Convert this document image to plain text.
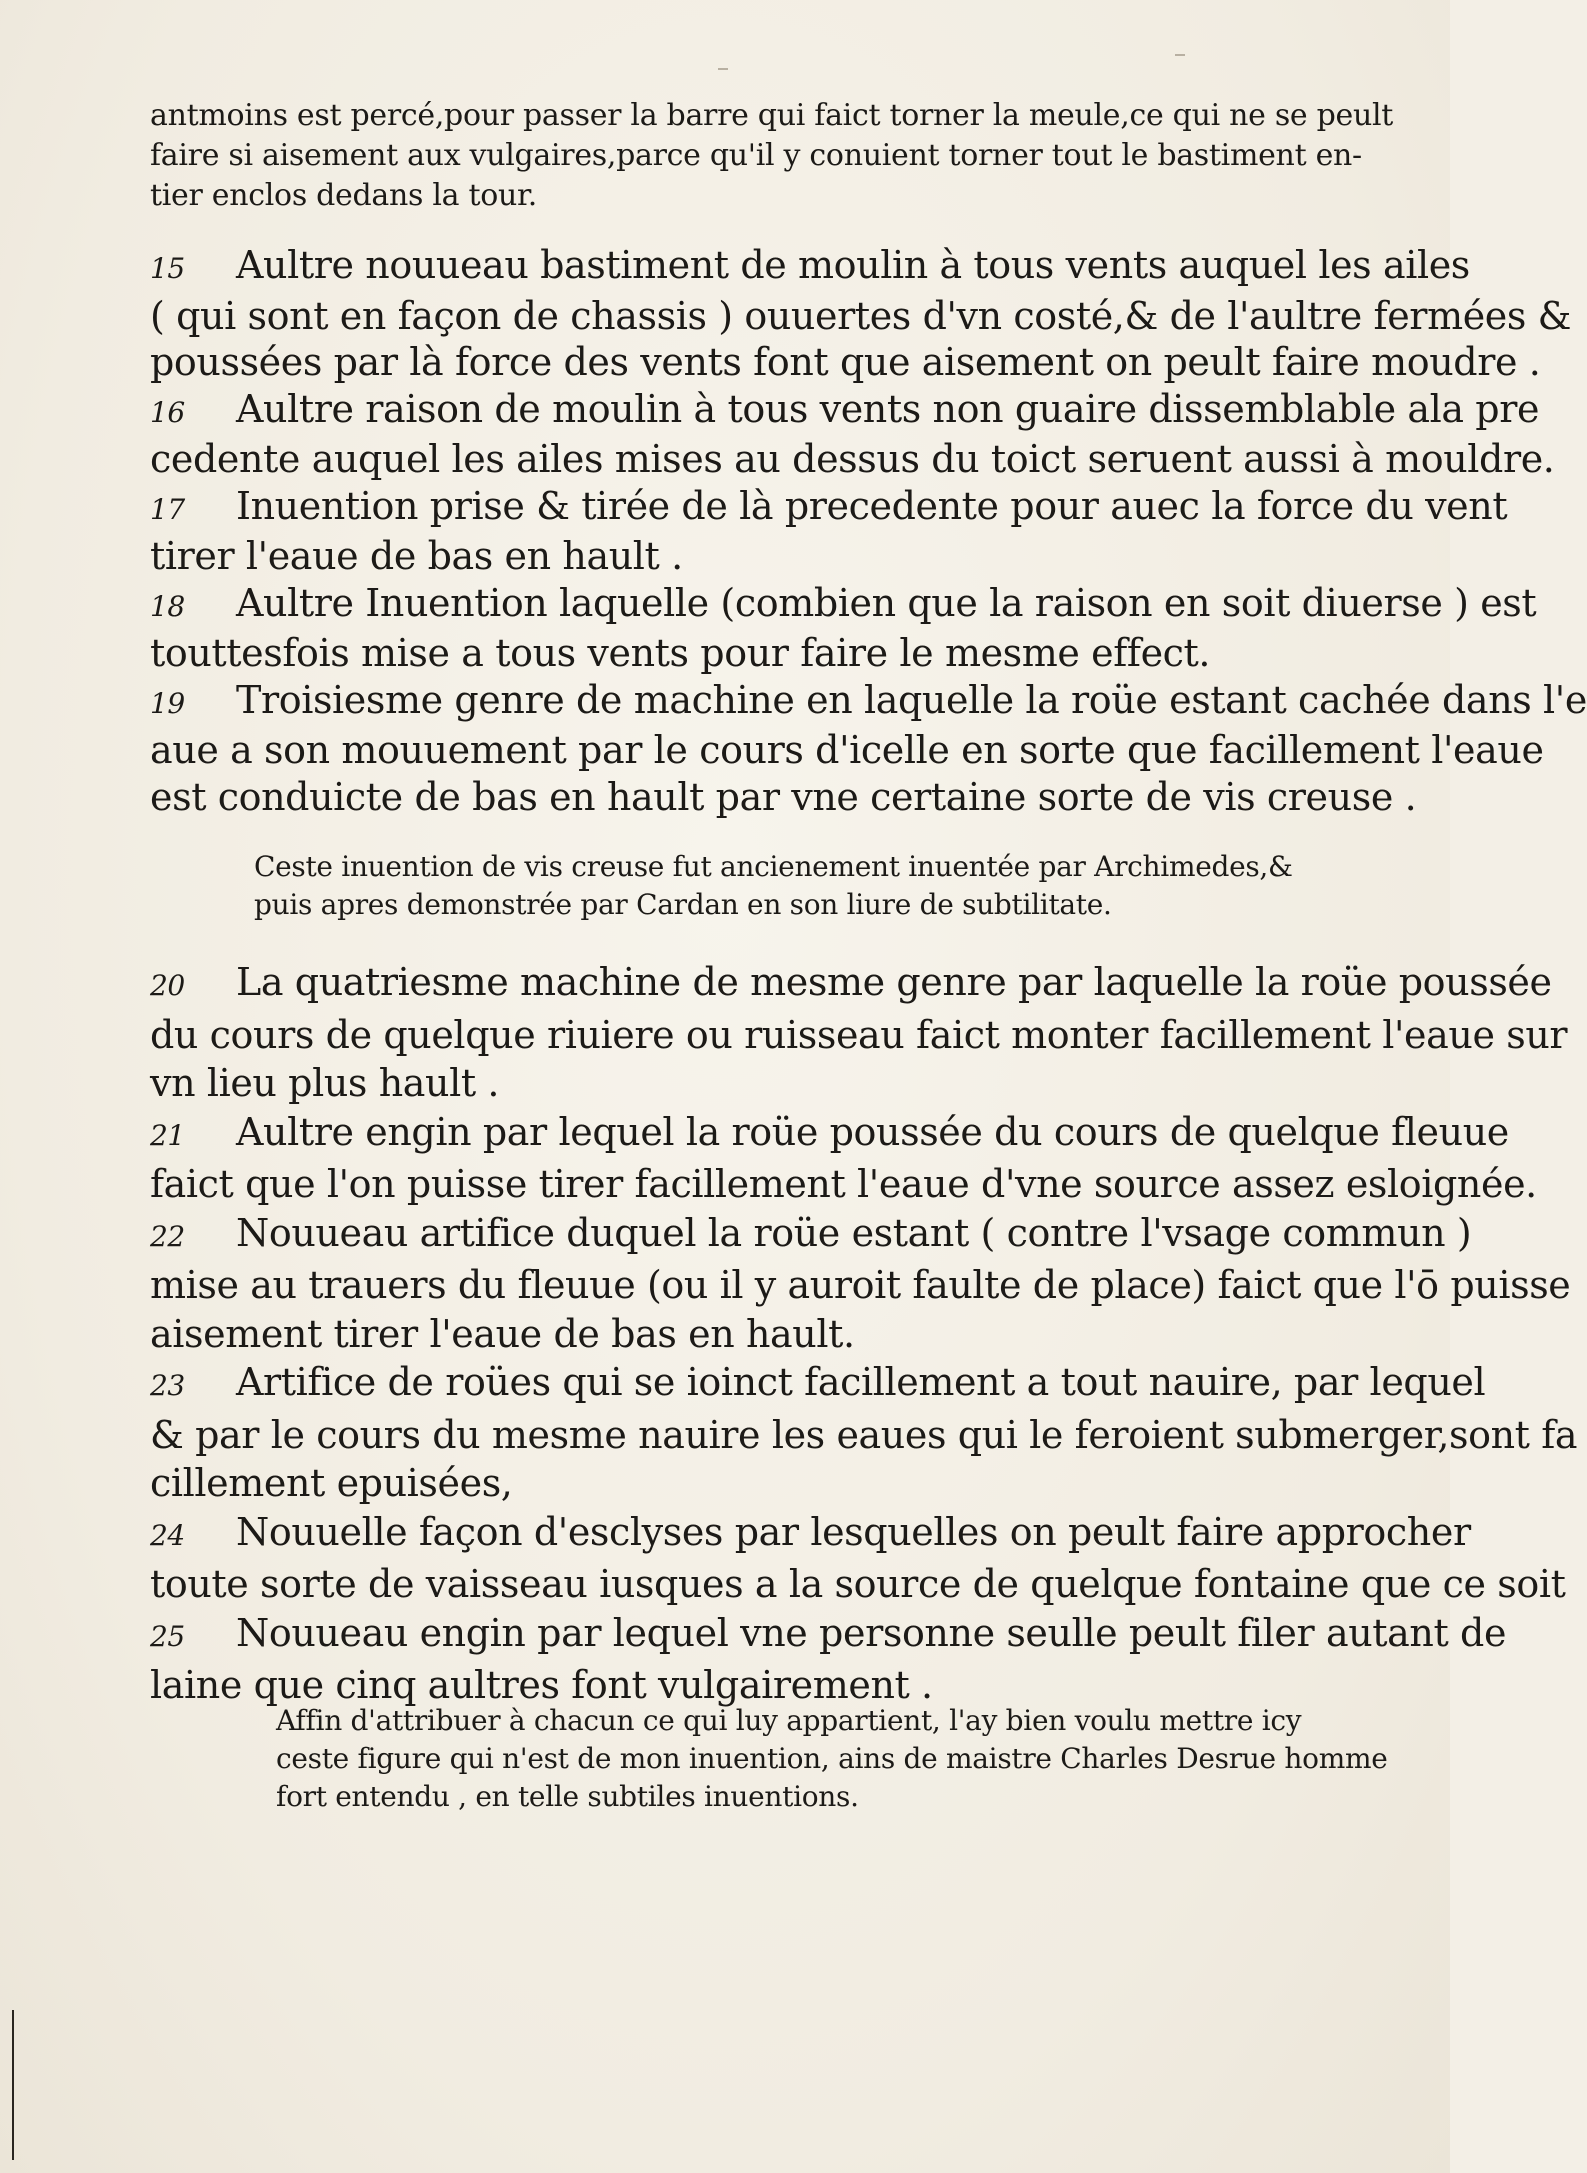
antmoins est percé,pour passer la barre qui faict torner la meule,ce qui ne se peult
faire si aisement aux vulgaires,parce qu'il y conuient torner tout le bastiment en-
tier enclos dedans la tour.
15 Aultre nouueau bastiment de moulin à tous vents auquel les ailes
( qui sont en façon de chassis ) ouuertes d'vn costé,& de l'aultre fermées &
poussées par là force des vents font que aisement on peult faire moudre .
16 Aultre raison de moulin à tous vents non guaire dissemblable ala pre
cedente auquel les ailes mises au dessus du toict seruent aussi à mouldre.
17 Inuention prise & tirée de là precedente pour auec la force du vent
tirer l'eaue de bas en hault .
18 Aultre Inuention laquelle (combien que la raison en soit diuerse ) est
touttesfois mise a tous vents pour faire le mesme effect.
19 Troisiesme genre de machine en laquelle la roüe estant cachée dans l'e
aue a son mouuement par le cours d'icelle en sorte que facillement l'eaue
est conduicte de bas en hault par vne certaine sorte de vis creuse .
Ceste inuention de vis creuse fut ancienement inuentée par Archimedes,&
puis apres demonstrée par Cardan en son liure de subtilitate.
20 La quatriesme machine de mesme genre par laquelle la roüe poussée
du cours de quelque riuiere ou ruisseau faict monter facillement l'eaue sur
vn lieu plus hault .
21 Aultre engin par lequel la roüe poussée du cours de quelque fleuue
faict que l'on puisse tirer facillement l'eaue d'vne source assez esloignée.
22 Nouueau artifice duquel la roüe estant ( contre l'vsage commun )
mise au trauers du fleuue (ou il y auroit faulte de place) faict que l'ō puisse
aisement tirer l'eaue de bas en hault.
23 Artifice de roües qui se ioinct facillement a tout nauire, par lequel
& par le cours du mesme nauire les eaues qui le feroient submerger,sont fa
cillement epuisées,
24 Nouuelle façon d'esclyses par lesquelles on peult faire approcher
toute sorte de vaisseau iusques a la source de quelque fontaine que ce soit
25 Nouueau engin par lequel vne personne seulle peult filer autant de
laine que cinq aultres font vulgairement .
Affin d'attribuer à chacun ce qui luy appartient, l'ay bien voulu mettre icy
ceste figure qui n'est de mon inuention, ains de maistre Charles Desrue homme
fort entendu , en telle subtiles inuentions.
